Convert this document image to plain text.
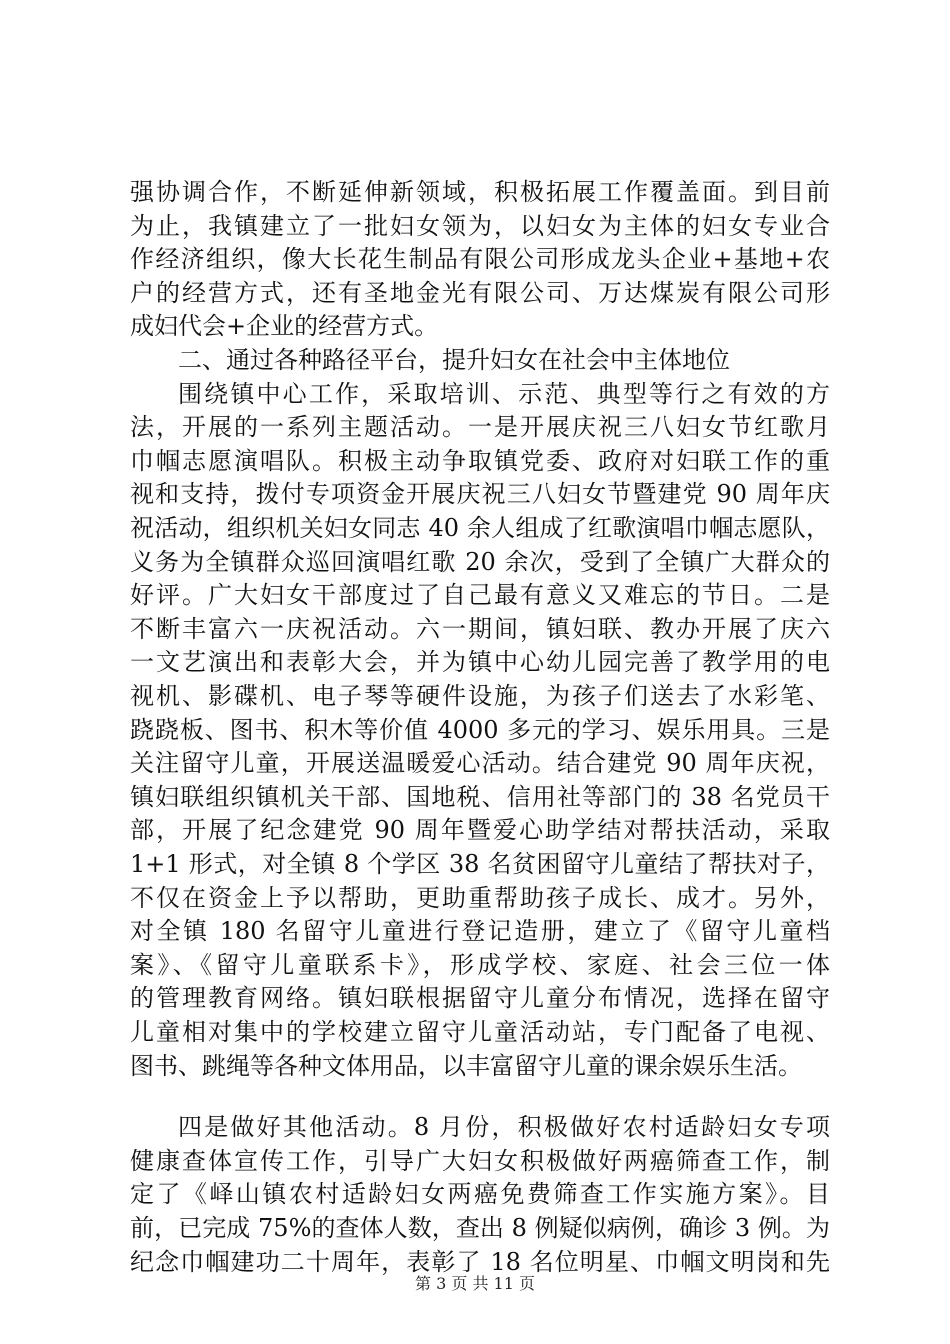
强协调合作，不断延伸新领域，积极拓展工作覆盖面。到目前
为止，我镇建立了一批妇女领为，以妇女为主体的妇女专业合
作经济组织，像大长花生制品有限公司形成龙头企业+基地+农
户的经营方式，还有圣地金光有限公司、万达煤炭有限公司形
成妇代会+企业的经营方式。
二、通过各种路径平台，提升妇女在社会中主体地位
围绕镇中心工作，采取培训、示范、典型等行之有效的方
法，开展的一系列主题活动。一是开展庆祝三八妇女节红歌月
巾帼志愿演唱队。积极主动争取镇党委、政府对妇联工作的重
视和支持，拨付专项资金开展庆祝三八妇女节暨建党 90 周年庆
祝活动，组织机关妇女同志 40 余人组成了红歌演唱巾帼志愿队，
义务为全镇群众巡回演唱红歌 20 余次，受到了全镇广大群众的
好评。广大妇女干部度过了自己最有意义又难忘的节日。二是
不断丰富六一庆祝活动。六一期间，镇妇联、教办开展了庆六
一文艺演出和表彰大会，并为镇中心幼儿园完善了教学用的电
视机、影碟机、电子琴等硬件设施，为孩子们送去了水彩笔、
跷跷板、图书、积木等价值 4000 多元的学习、娱乐用具。三是
关注留守儿童，开展送温暖爱心活动。结合建党 90 周年庆祝，
镇妇联组织镇机关干部、国地税、信用社等部门的 38 名党员干
部，开展了纪念建党 90 周年暨爱心助学结对帮扶活动，采取
1+1 形式，对全镇 8 个学区 38 名贫困留守儿童结了帮扶对子，
不仅在资金上予以帮助，更助重帮助孩子成长、成才。另外，
对全镇 180 名留守儿童进行登记造册，建立了《留守儿童档
案》、《留守儿童联系卡》，形成学校、家庭、社会三位一体
的管理教育网络。镇妇联根据留守儿童分布情况，选择在留守
儿童相对集中的学校建立留守儿童活动站，专门配备了电视、
图书、跳绳等各种文体用品，以丰富留守儿童的课余娱乐生活。
四是做好其他活动。8 月份，积极做好农村适龄妇女专项
健康查体宣传工作，引导广大妇女积极做好两癌筛查工作，制
定了《峄山镇农村适龄妇女两癌免费筛查工作实施方案》。目
前，已完成 75%的查体人数，查出 8 例疑似病例，确诊 3 例。为
纪念巾帼建功二十周年，表彰了 18 名位明星、巾帼文明岗和先
第 3 页 共 11 页
